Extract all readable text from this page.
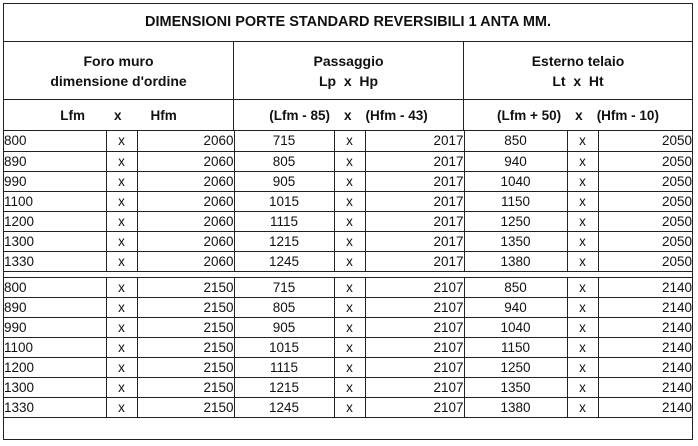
DIMENSIONI PORTE STANDARD REVERSIBILI 1 ANTA MM.
Foro muro
dimensione d'ordine
Passaggio
Lp  x  Hp
Esterno telaio
Lt  x  Ht
Lfm x Hfm	(Lfm - 85) x (Hfm - 43)	(Lfm + 50) x (Hfm - 10)
800	x	2060	715	x	2017	850	x	2050
890	x	2060	805	x	2017	940	x	2050
990	x	2060	905	x	2017	1040	x	2050
1100	x	2060	1015	x	2017	1150	x	2050
1200	x	2060	1115	x	2017	1250	x	2050
1300	x	2060	1215	x	2017	1350	x	2050
1330	x	2060	1245	x	2017	1380	x	2050
800	x	2150	715	x	2107	850	x	2140
890	x	2150	805	x	2107	940	x	2140
990	x	2150	905	x	2107	1040	x	2140
1100	x	2150	1015	x	2107	1150	x	2140
1200	x	2150	1115	x	2107	1250	x	2140
1300	x	2150	1215	x	2107	1350	x	2140
1330	x	2150	1245	x	2107	1380	x	2140
